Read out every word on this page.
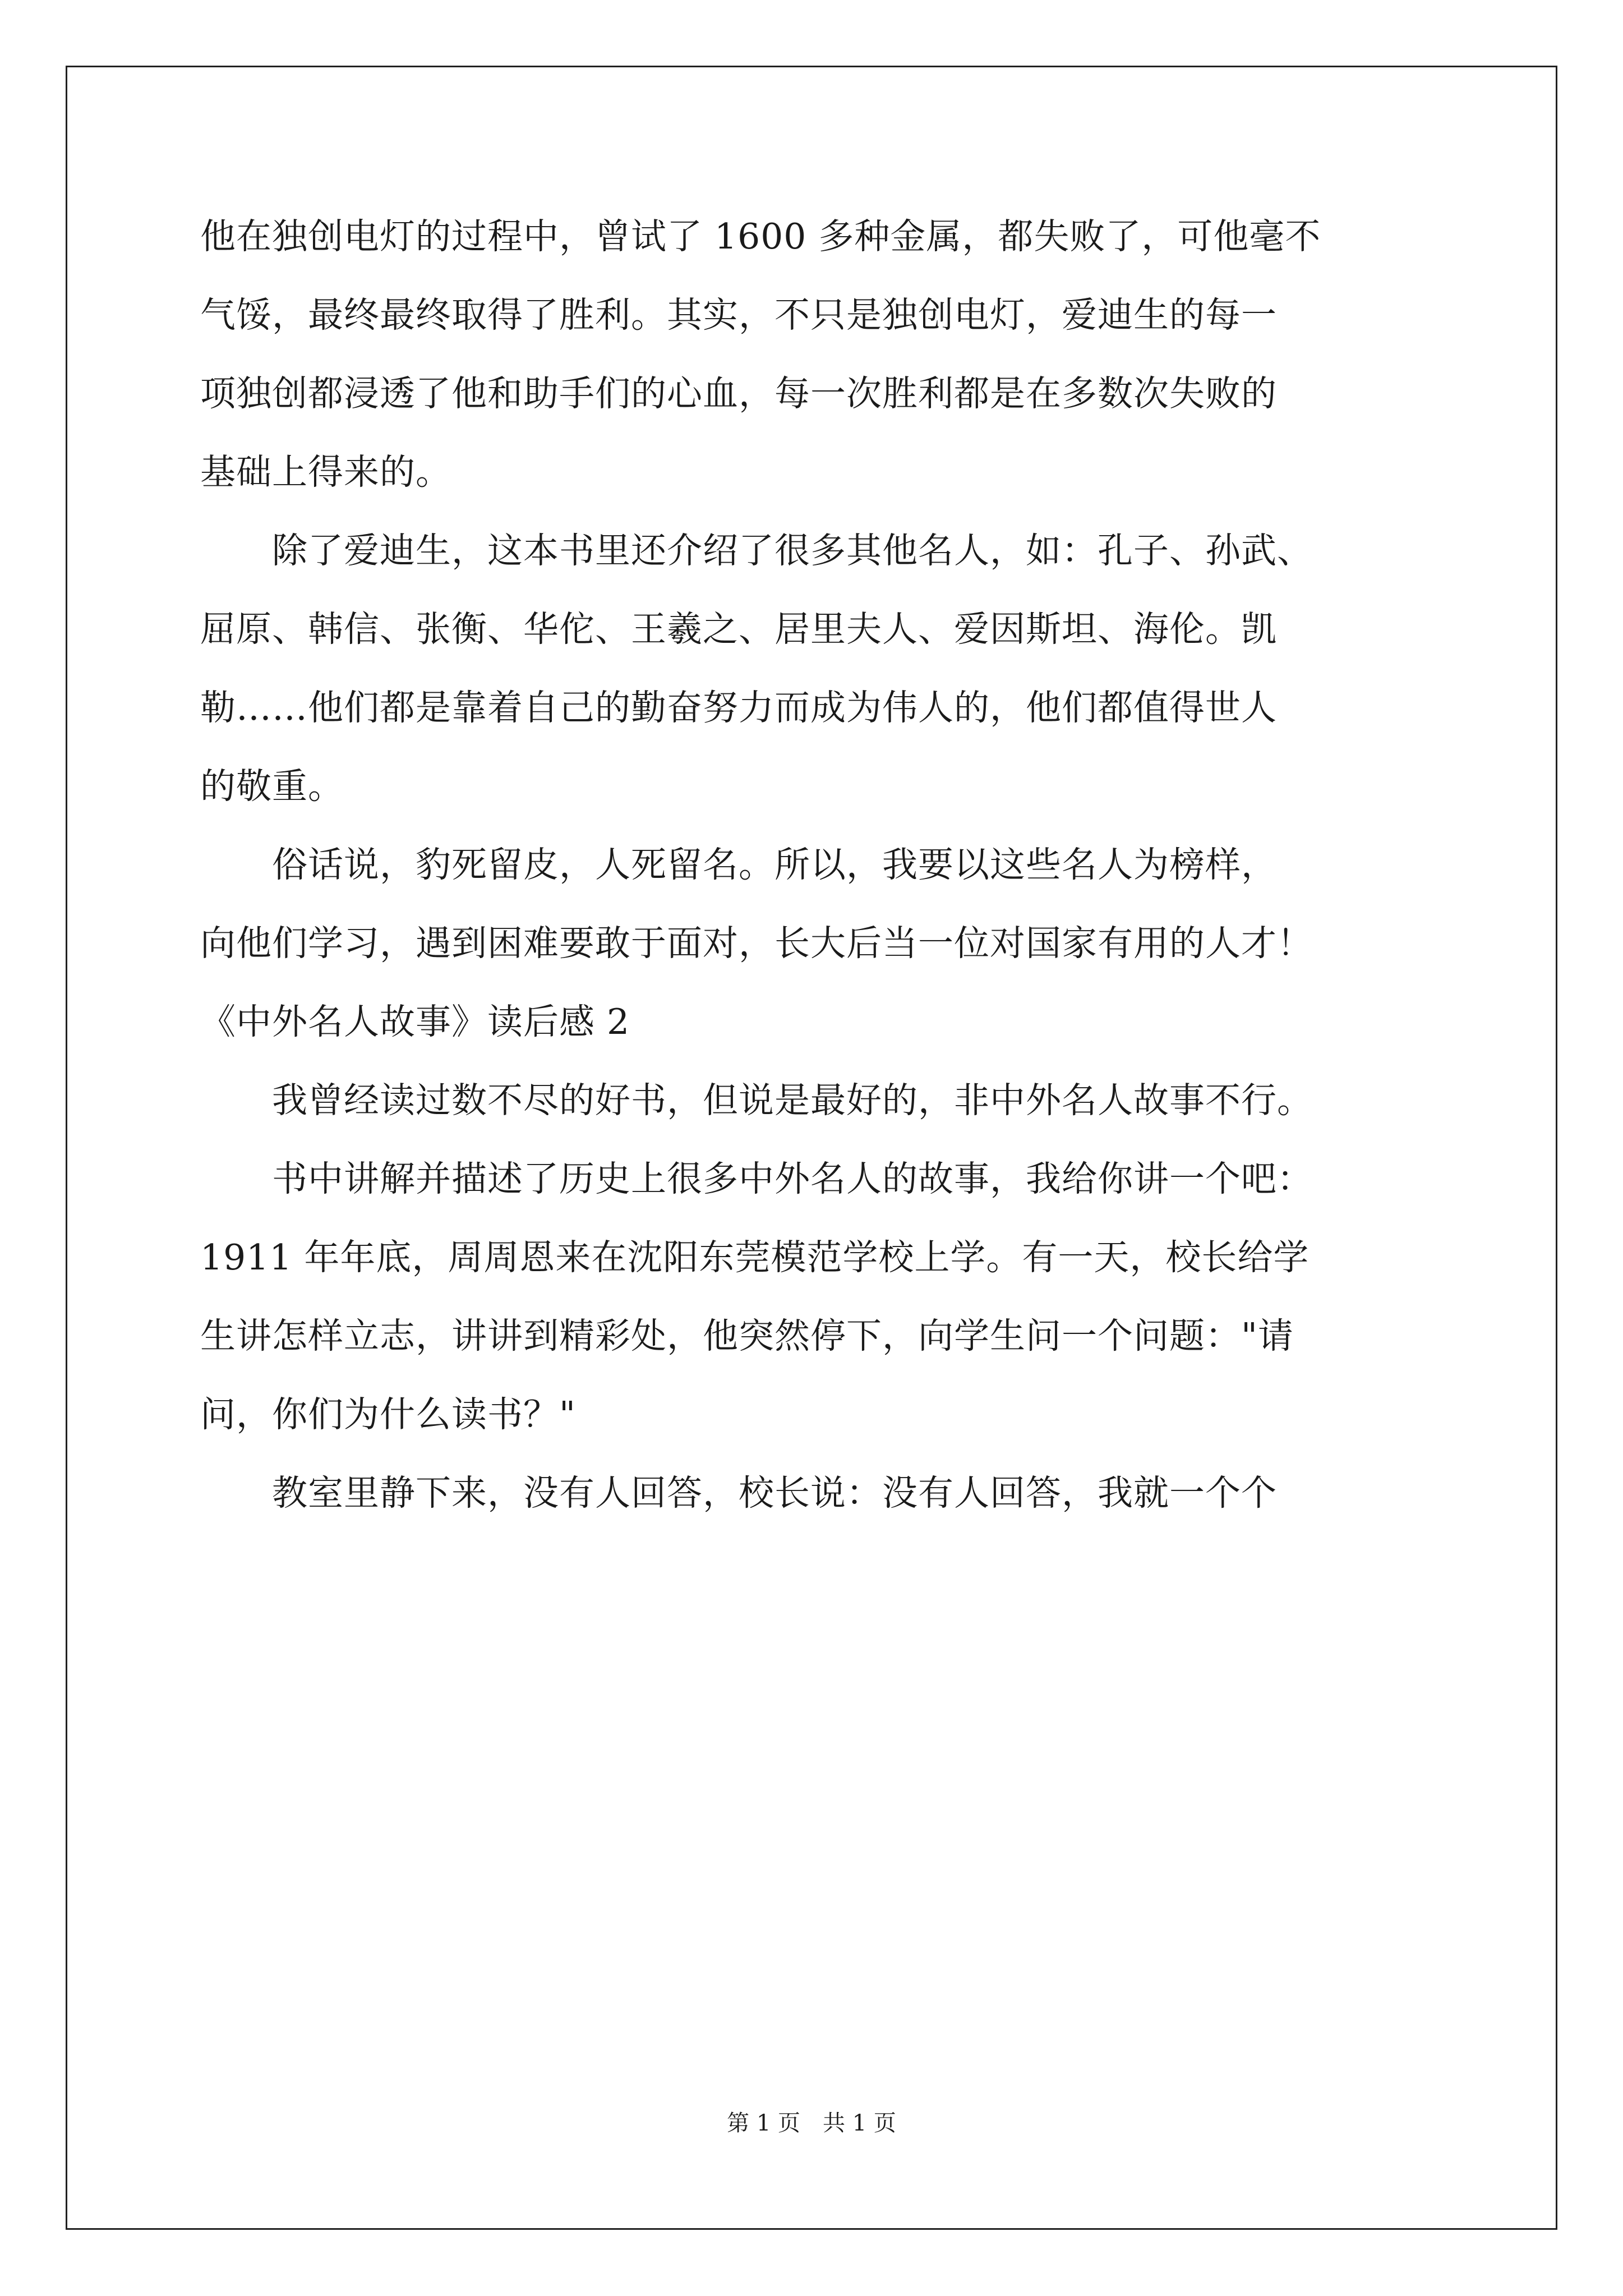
他在独创电灯的过程中，曾试了 1600 多种金属，都失败了，可他毫不
气馁，最终最终取得了胜利。其实，不只是独创电灯，爱迪生的每一
项独创都浸透了他和助手们的心血，每一次胜利都是在多数次失败的
基础上得来的。
　　除了爱迪生，这本书里还介绍了很多其他名人，如：孔子、孙武、
屈原、韩信、张衡、华佗、王羲之、居里夫人、爱因斯坦、海伦。凯
勒……他们都是靠着自己的勤奋努力而成为伟人的，他们都值得世人
的敬重。
　　俗话说，豹死留皮，人死留名。所以，我要以这些名人为榜样，
向他们学习，遇到困难要敢于面对，长大后当一位对国家有用的人才！
《中外名人故事》读后感 2
　　我曾经读过数不尽的好书，但说是最好的，非中外名人故事不行。
　　书中讲解并描述了历史上很多中外名人的故事，我给你讲一个吧：
1911 年年底，周周恩来在沈阳东莞模范学校上学。有一天，校长给学
生讲怎样立志，讲讲到精彩处，他突然停下，向学生问一个问题："请
问，你们为什么读书？"
　　教室里静下来，没有人回答，校长说：没有人回答，我就一个个
第 1 页　共 1 页
